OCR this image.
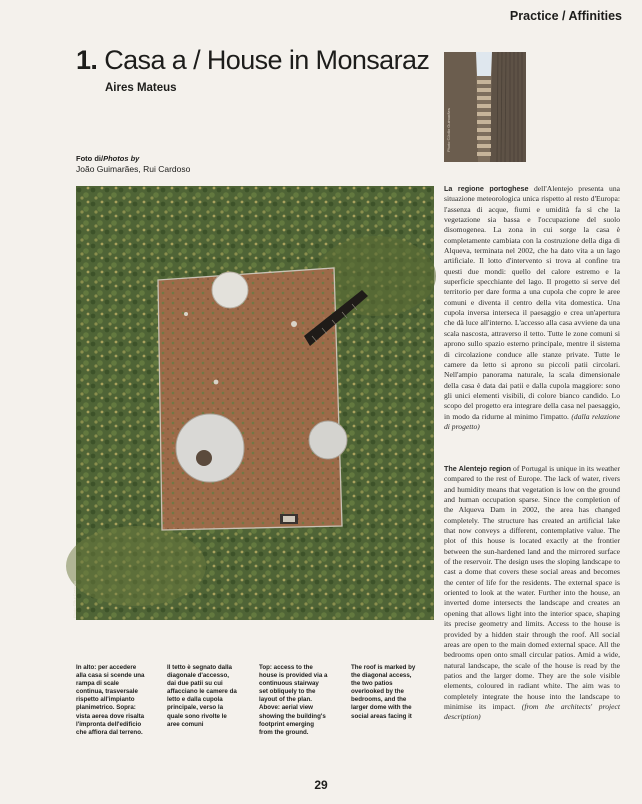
Practice / Affinities
1. Casa a / House in Monsaraz
Aires Mateus
Foto di/Photos by
João Guimarães, Rui Cardoso
Photo ©João Guimarães
Photo ©Rui Cardoso
In alto: per accedere alla casa si scende una rampa di scale continua, trasversale rispetto all'impianto planimetrico. Sopra: vista aerea dove risalta l'impronta dell'edificio che affiora dal terreno.
Il tetto è segnato dalla diagonale d'accesso, dai due patii su cui affacciano le camere da letto e dalla cupola principale, verso la quale sono rivolte le aree comuni
Top: access to the house is provided via a continuous stairway set obliquely to the layout of the plan. Above: aerial view showing the building's footprint emerging from the ground.
The roof is marked by the diagonal access, the two patios overlooked by the bedrooms, and the larger dome with the social areas facing it
La regione portoghese dell'Alentejo presenta una situazione meteorologica unica rispetto al resto d'Europa: l'assenza di acque, fiumi e umidità fa sì che la vegetazione sia bassa e l'occupazione del suolo disomogenea. La zona in cui sorge la casa è completamente cambiata con la costruzione della diga di Alqueva, terminata nel 2002, che ha dato vita a un lago artificiale. Il lotto d'intervento si trova al confine tra questi due mondi: quello del calore estremo e la superficie specchiante del lago. Il progetto si serve del territorio per dare forma a una cupola che copre le aree comuni e diventa il centro della vita domestica. Una cupola inversa interseca il paesaggio e crea un'apertura che dà luce all'interno. L'accesso alla casa avviene da una scala nascosta, attraverso il tetto. Tutte le zone comuni si aprono sullo spazio esterno principale, mentre il sistema di circolazione conduce alle stanze private. Tutte le camere da letto si aprono su piccoli patii circolari. Nell'ampio panorama naturale, la scala dimensionale della casa è data dai patii e dalla cupola maggiore: sono gli unici elementi visibili, di colore bianco candido. Lo scopo del progetto era integrare della casa nel paesaggio, in modo da ridurne al minimo l'impatto. (dalla relazione di progetto)
The Alentejo region of Portugal is unique in its weather compared to the rest of Europe. The lack of water, rivers and humidity means that vegetation is low on the ground and human occupation sparse. Since the completion of the Alqueva Dam in 2002, the area has changed completely. The structure has created an artificial lake that now conveys a different, contemplative value. The plot of this house is located exactly at the frontier between the sun-hardened land and the mirrored surface of the reservoir. The design uses the sloping landscape to cast a dome that covers these social areas and becomes the center of life for the residents. The external space is oriented to look at the water. Further into the house, an inverted dome intersects the landscape and creates an opening that allows light into the interior space, shaping its precise geometry and limits. Access to the house is provided by a hidden stair through the roof. All social areas are open to the main domed external space. All the bedrooms open onto small circular patios. Amid a wide, natural landscape, the scale of the house is read by the patios and the larger dome. They are the sole visible elements, coloured in radiant white. The aim was to completely integrate the house into the landscape to minimise its impact. (from the architects' project description)
29
